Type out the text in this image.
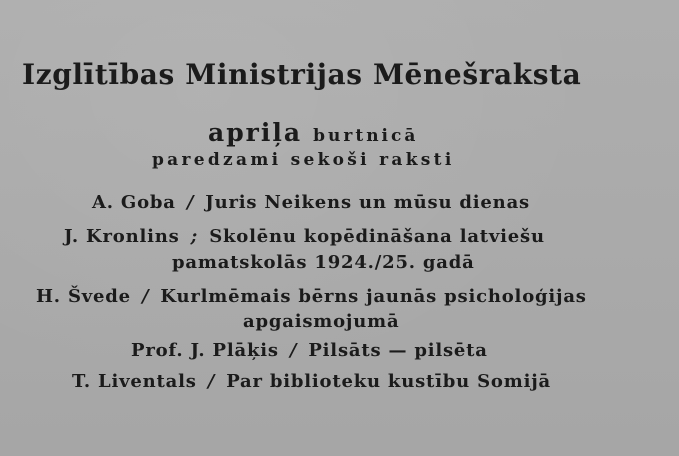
Izglītības Ministrijas Mēnešraksta
apriļa burtnicā
paredzami sekoši raksti
A. Goba / Juris Neikens un mūsu dienas
J. Kronlins ; Skolēnu kopēdināšana latviešu
pamatskolās 1924./25. gadā
H. Švede / Kurlmēmais bērns jaunās psicholoģijas
apgaismojumā
Prof. J. Plāķis / Pilsāts — pilsēta
T. Liventals / Par biblioteku kustību Somijā
